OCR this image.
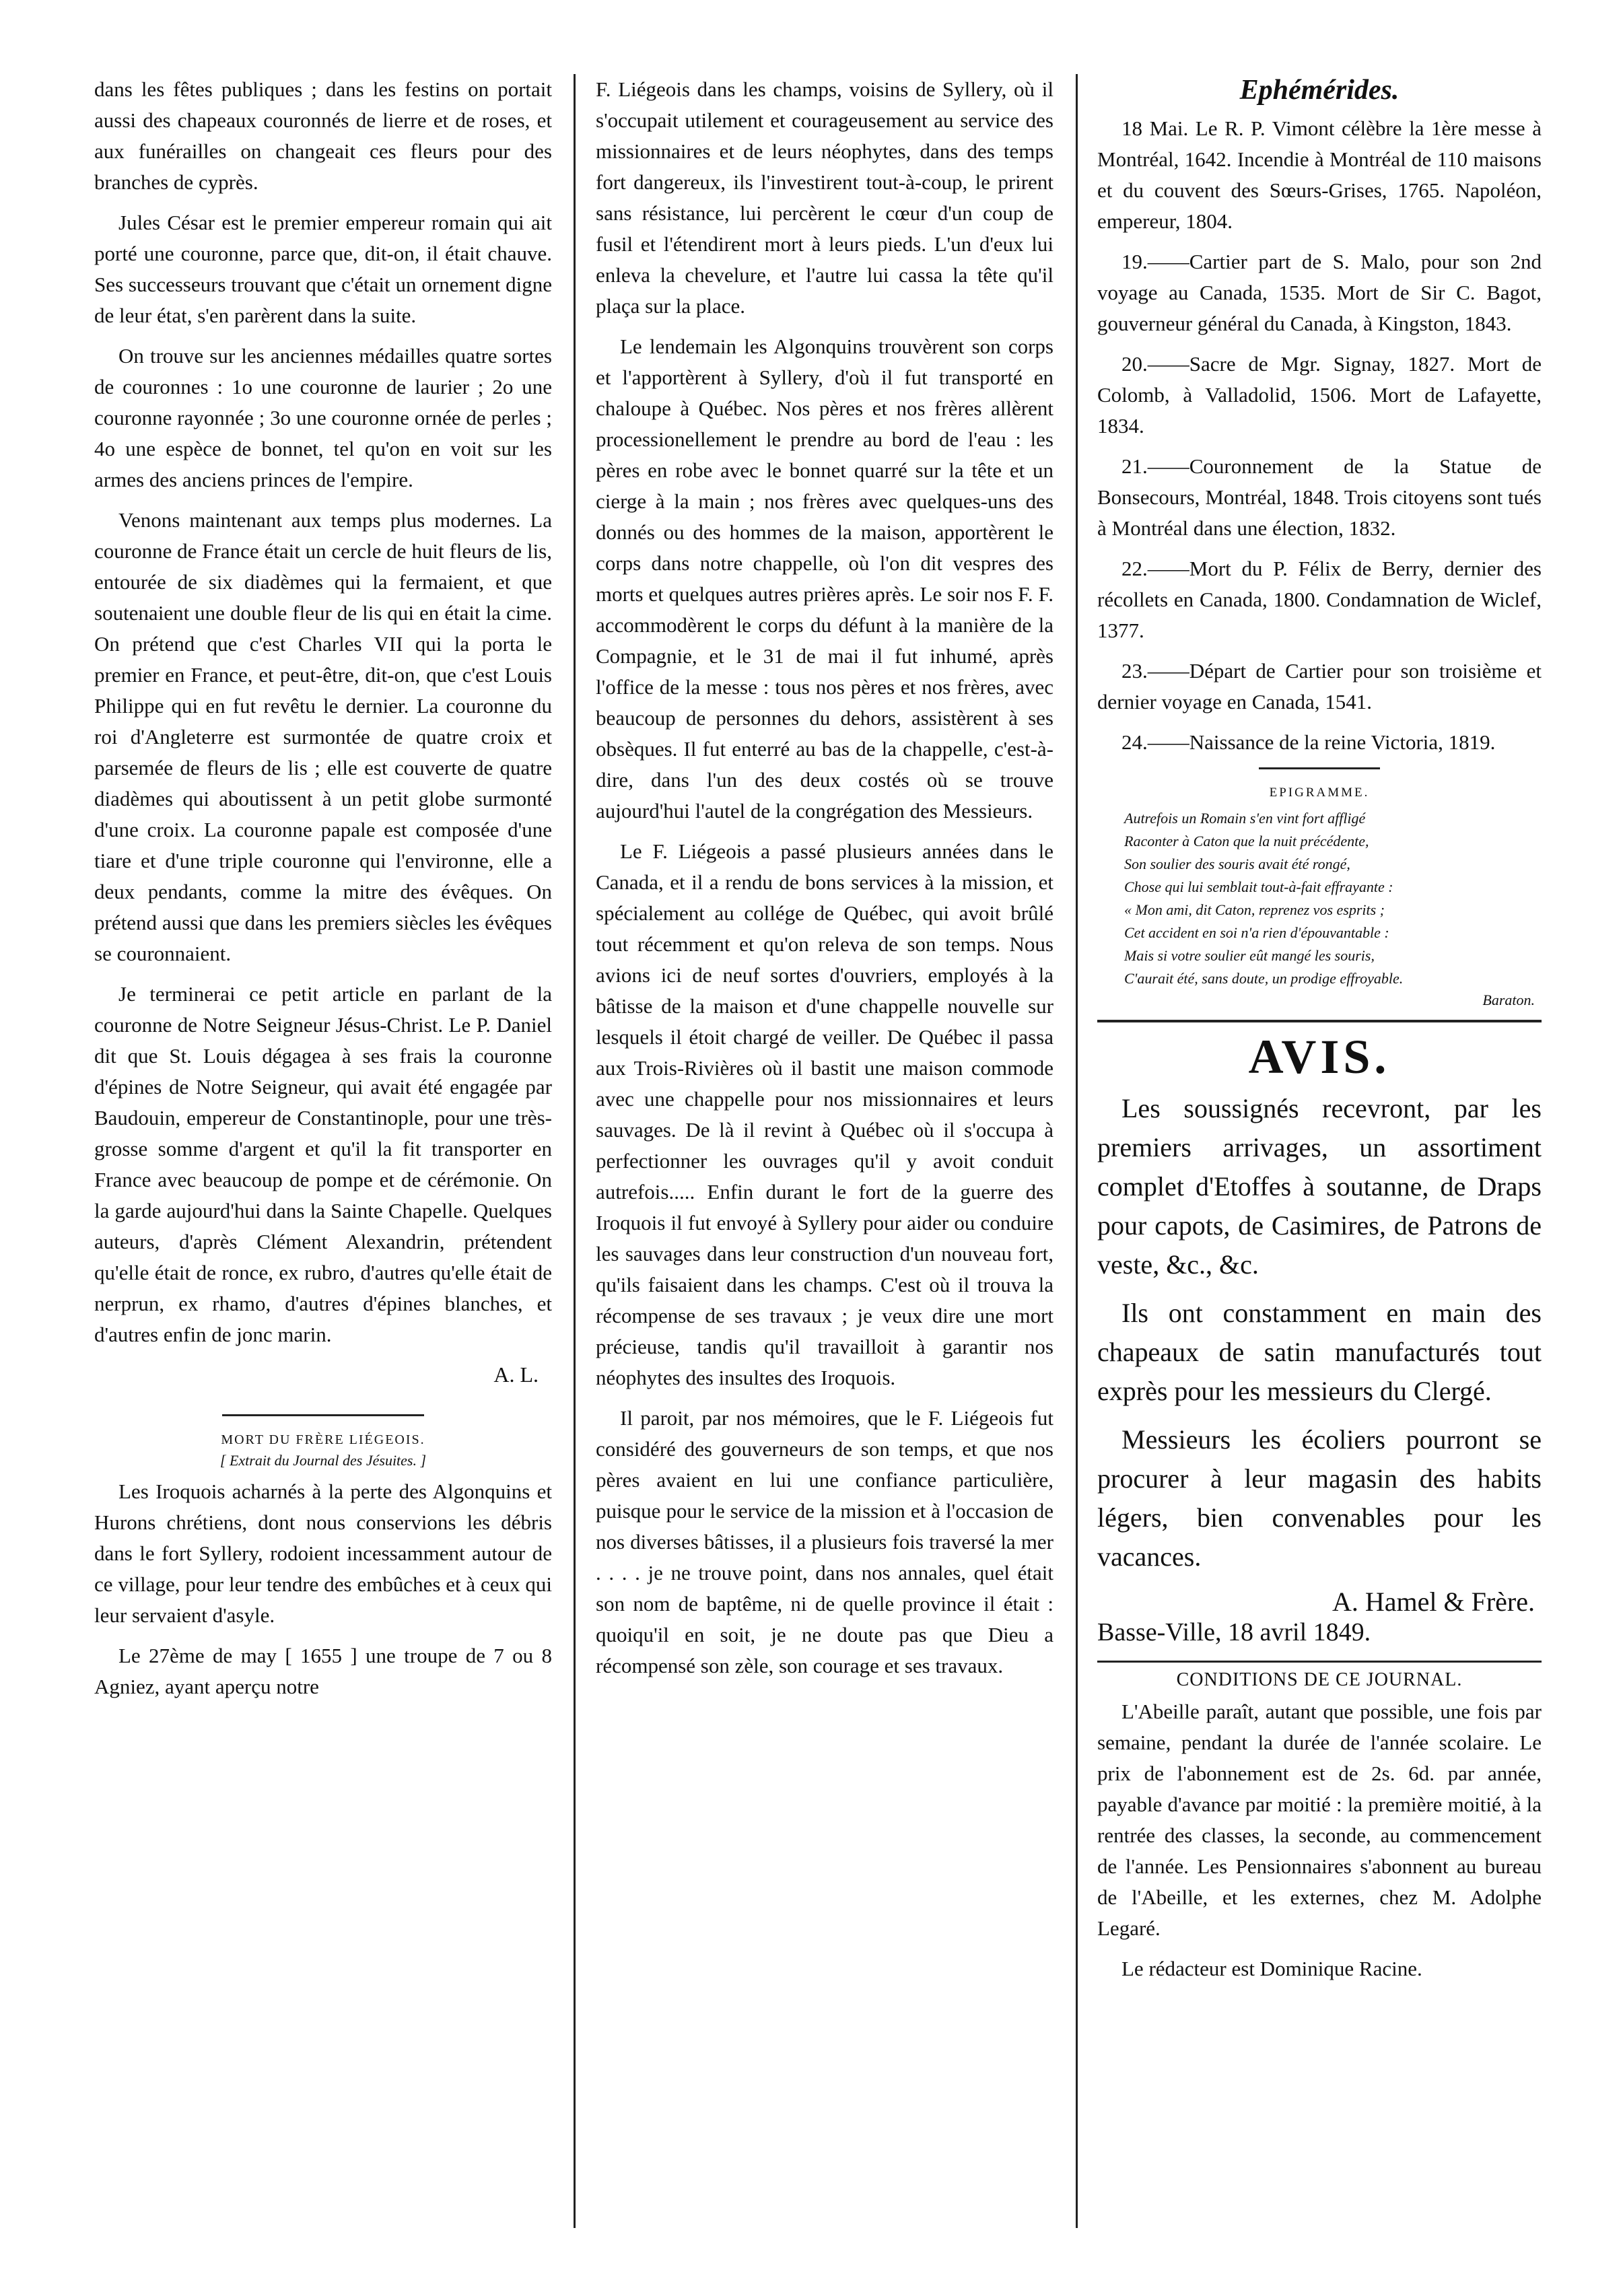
dans les fêtes publiques ; dans les festins on portait aussi des chapeaux couronnés de lierre et de roses, et aux funérailles on changeait ces fleurs pour des branches de cyprès.

Jules César est le premier empereur romain qui ait porté une couronne, parce que, dit-on, il était chauve. Ses successeurs trouvant que c'était un ornement digne de leur état, s'en parèrent dans la suite.

On trouve sur les anciennes médailles quatre sortes de couronnes : 1o une couronne de laurier ; 2o une couronne rayonnée ; 3o une couronne ornée de perles ; 4o une espèce de bonnet, tel qu'on en voit sur les armes des anciens princes de l'empire.

Venons maintenant aux temps plus modernes. La couronne de France était un cercle de huit fleurs de lis, entourée de six diadèmes qui la fermaient, et que soutenaient une double fleur de lis qui en était la cime. On prétend que c'est Charles VII qui la porta le premier en France, et peut-être, dit-on, que c'est Louis Philippe qui en fut revêtu le dernier. La couronne du roi d'Angleterre est surmontée de quatre croix et parsemée de fleurs de lis ; elle est couverte de quatre diadèmes qui aboutissent à un petit globe surmonté d'une croix. La couronne papale est composée d'une tiare et d'une triple couronne qui l'environne, elle a deux pendants, comme la mitre des évêques. On prétend aussi que dans les premiers siècles les évêques se couronnaient.

Je terminerai ce petit article en parlant de la couronne de Notre Seigneur Jésus-Christ. Le P. Daniel dit que St. Louis dégagea à ses frais la couronne d'épines de Notre Seigneur, qui avait été engagée par Baudouin, empereur de Constantinople, pour une très-grosse somme d'argent et qu'il la fit transporter en France avec beaucoup de pompe et de cérémonie. On la garde aujourd'hui dans la Sainte Chapelle. Quelques auteurs, d'après Clément Alexandrin, prétendent qu'elle était de ronce, ex rubro, d'autres qu'elle était de nerprun, ex rhamo, d'autres d'épines blanches, et d'autres enfin de jonc marin.

A. L.
MORT DU FRÈRE LIÉGEOIS.
[ Extrait du Journal des Jésuites. ]

Les Iroquois acharnés à la perte des Algonquins et Hurons chrétiens, dont nous conservions les débris dans le fort Syllery, rodoient incessamment autour de ce village, pour leur tendre des embûches et à ceux qui leur servaient d'asyle.

Le 27ème de may [ 1655 ] une troupe de 7 ou 8 Agniez, ayant aperçu notre

F. Liégeois dans les champs, voisins de Syllery, où il s'occupait utilement et courageusement au service des missionnaires et de leurs néophytes, dans des temps fort dangereux, ils l'investirent tout-à-coup, le prirent sans résistance, lui percèrent le cœur d'un coup de fusil et l'étendirent mort à leurs pieds. L'un d'eux lui enleva la chevelure, et l'autre lui cassa la tête qu'il plaça sur la place.

Le lendemain les Algonquins trouvèrent son corps et l'apportèrent à Syllery, d'où il fut transporté en chaloupe à Québec. Nos pères et nos frères allèrent processionellement le prendre au bord de l'eau : les pères en robe avec le bonnet quarré sur la tête et un cierge à la main ; nos frères avec quelques-uns des donnés ou des hommes de la maison, apportèrent le corps dans notre chappelle, où l'on dit vespres des morts et quelques autres prières après. Le soir nos F. F. accommodèrent le corps du défunt à la manière de la Compagnie, et le 31 de mai il fut inhumé, après l'office de la messe : tous nos pères et nos frères, avec beaucoup de personnes du dehors, assistèrent à ses obsèques. Il fut enterré au bas de la chappelle, c'est-à-dire, dans l'un des deux costés où se trouve aujourd'hui l'autel de la congrégation des Messieurs.

Le F. Liégeois a passé plusieurs années dans le Canada, et il a rendu de bons services à la mission, et spécialement au collége de Québec, qui avoit brûlé tout récemment et qu'on releva de son temps. Nous avions ici de neuf sortes d'ouvriers, employés à la bâtisse de la maison et d'une chappelle nouvelle sur lesquels il étoit chargé de veiller. De Québec il passa aux Trois-Rivières où il bastit une maison commode avec une chappelle pour nos missionnaires et leurs sauvages. De là il revint à Québec où il s'occupa à perfectionner les ouvrages qu'il y avoit conduit autrefois..... Enfin durant le fort de la guerre des Iroquois il fut envoyé à Syllery pour aider ou conduire les sauvages dans leur construction d'un nouveau fort, qu'ils faisaient dans les champs. C'est où il trouva la récompense de ses travaux ; je veux dire une mort précieuse, tandis qu'il travailloit à garantir nos néophytes des insultes des Iroquois.

Il paroit, par nos mémoires, que le F. Liégeois fut considéré des gouverneurs de son temps, et que nos pères avaient en lui une confiance particulière, puisque pour le service de la mission et à l'occasion de nos diverses bâtisses, il a plusieurs fois traversé la mer . . . . je ne trouve point, dans nos annales, quel était son nom de baptême, ni de quelle province il était : quoiqu'il en soit, je ne doute pas que Dieu a récompensé son zèle, son courage et ses travaux.

Ephémérides.

18 Mai. Le R. P. Vimont célèbre la 1ère messe à Montréal, 1642. Incendie à Montréal de 110 maisons et du couvent des Sœurs-Grises, 1765. Napoléon, empereur, 1804.

19.——Cartier part de S. Malo, pour son 2nd voyage au Canada, 1535. Mort de Sir C. Bagot, gouverneur général du Canada, à Kingston, 1843.

20.——Sacre de Mgr. Signay, 1827. Mort de Colomb, à Valladolid, 1506. Mort de Lafayette, 1834.

21.——Couronnement de la Statue de Bonsecours, Montréal, 1848. Trois citoyens sont tués à Montréal dans une élection, 1832.

22.——Mort du P. Félix de Berry, dernier des récollets en Canada, 1800. Condamnation de Wiclef, 1377.

23.——Départ de Cartier pour son troisième et dernier voyage en Canada, 1541.

24.——Naissance de la reine Victoria, 1819.

EPIGRAMME.
Autrefois un Romain s'en vint fort affligé
Raconter à Caton que la nuit précédente,
Son soulier des souris avait été rongé,
Chose qui lui semblait tout-à-fait effrayante :
« Mon ami, dit Caton, reprenez vos esprits ;
Cet accident en soi n'a rien d'épouvantable :
Mais si votre soulier eût mangé les souris,
C'aurait été, sans doute, un prodige effroyable.
Baraton.
AVIS.

Les soussignés recevront, par les premiers arrivages, un assortiment complet d'Etoffes à soutanne, de Draps pour capots, de Casimires, de Patrons de veste, &c., &c.

Ils ont constamment en main des chapeaux de satin manufacturés tout exprès pour les messieurs du Clergé.

Messieurs les écoliers pourront se procurer à leur magasin des habits légers, bien convenables pour les vacances.

A. Hamel & Frère.
Basse-Ville, 18 avril 1849.
CONDITIONS DE CE JOURNAL.

L'Abeille paraît, autant que possible, une fois par semaine, pendant la durée de l'année scolaire. Le prix de l'abonnement est de 2s. 6d. par année, payable d'avance par moitié : la première moitié, à la rentrée des classes, la seconde, au commencement de l'année. Les Pensionnaires s'abonnent au bureau de l'Abeille, et les externes, chez M. Adolphe Legaré.

Le rédacteur est Dominique Racine.
